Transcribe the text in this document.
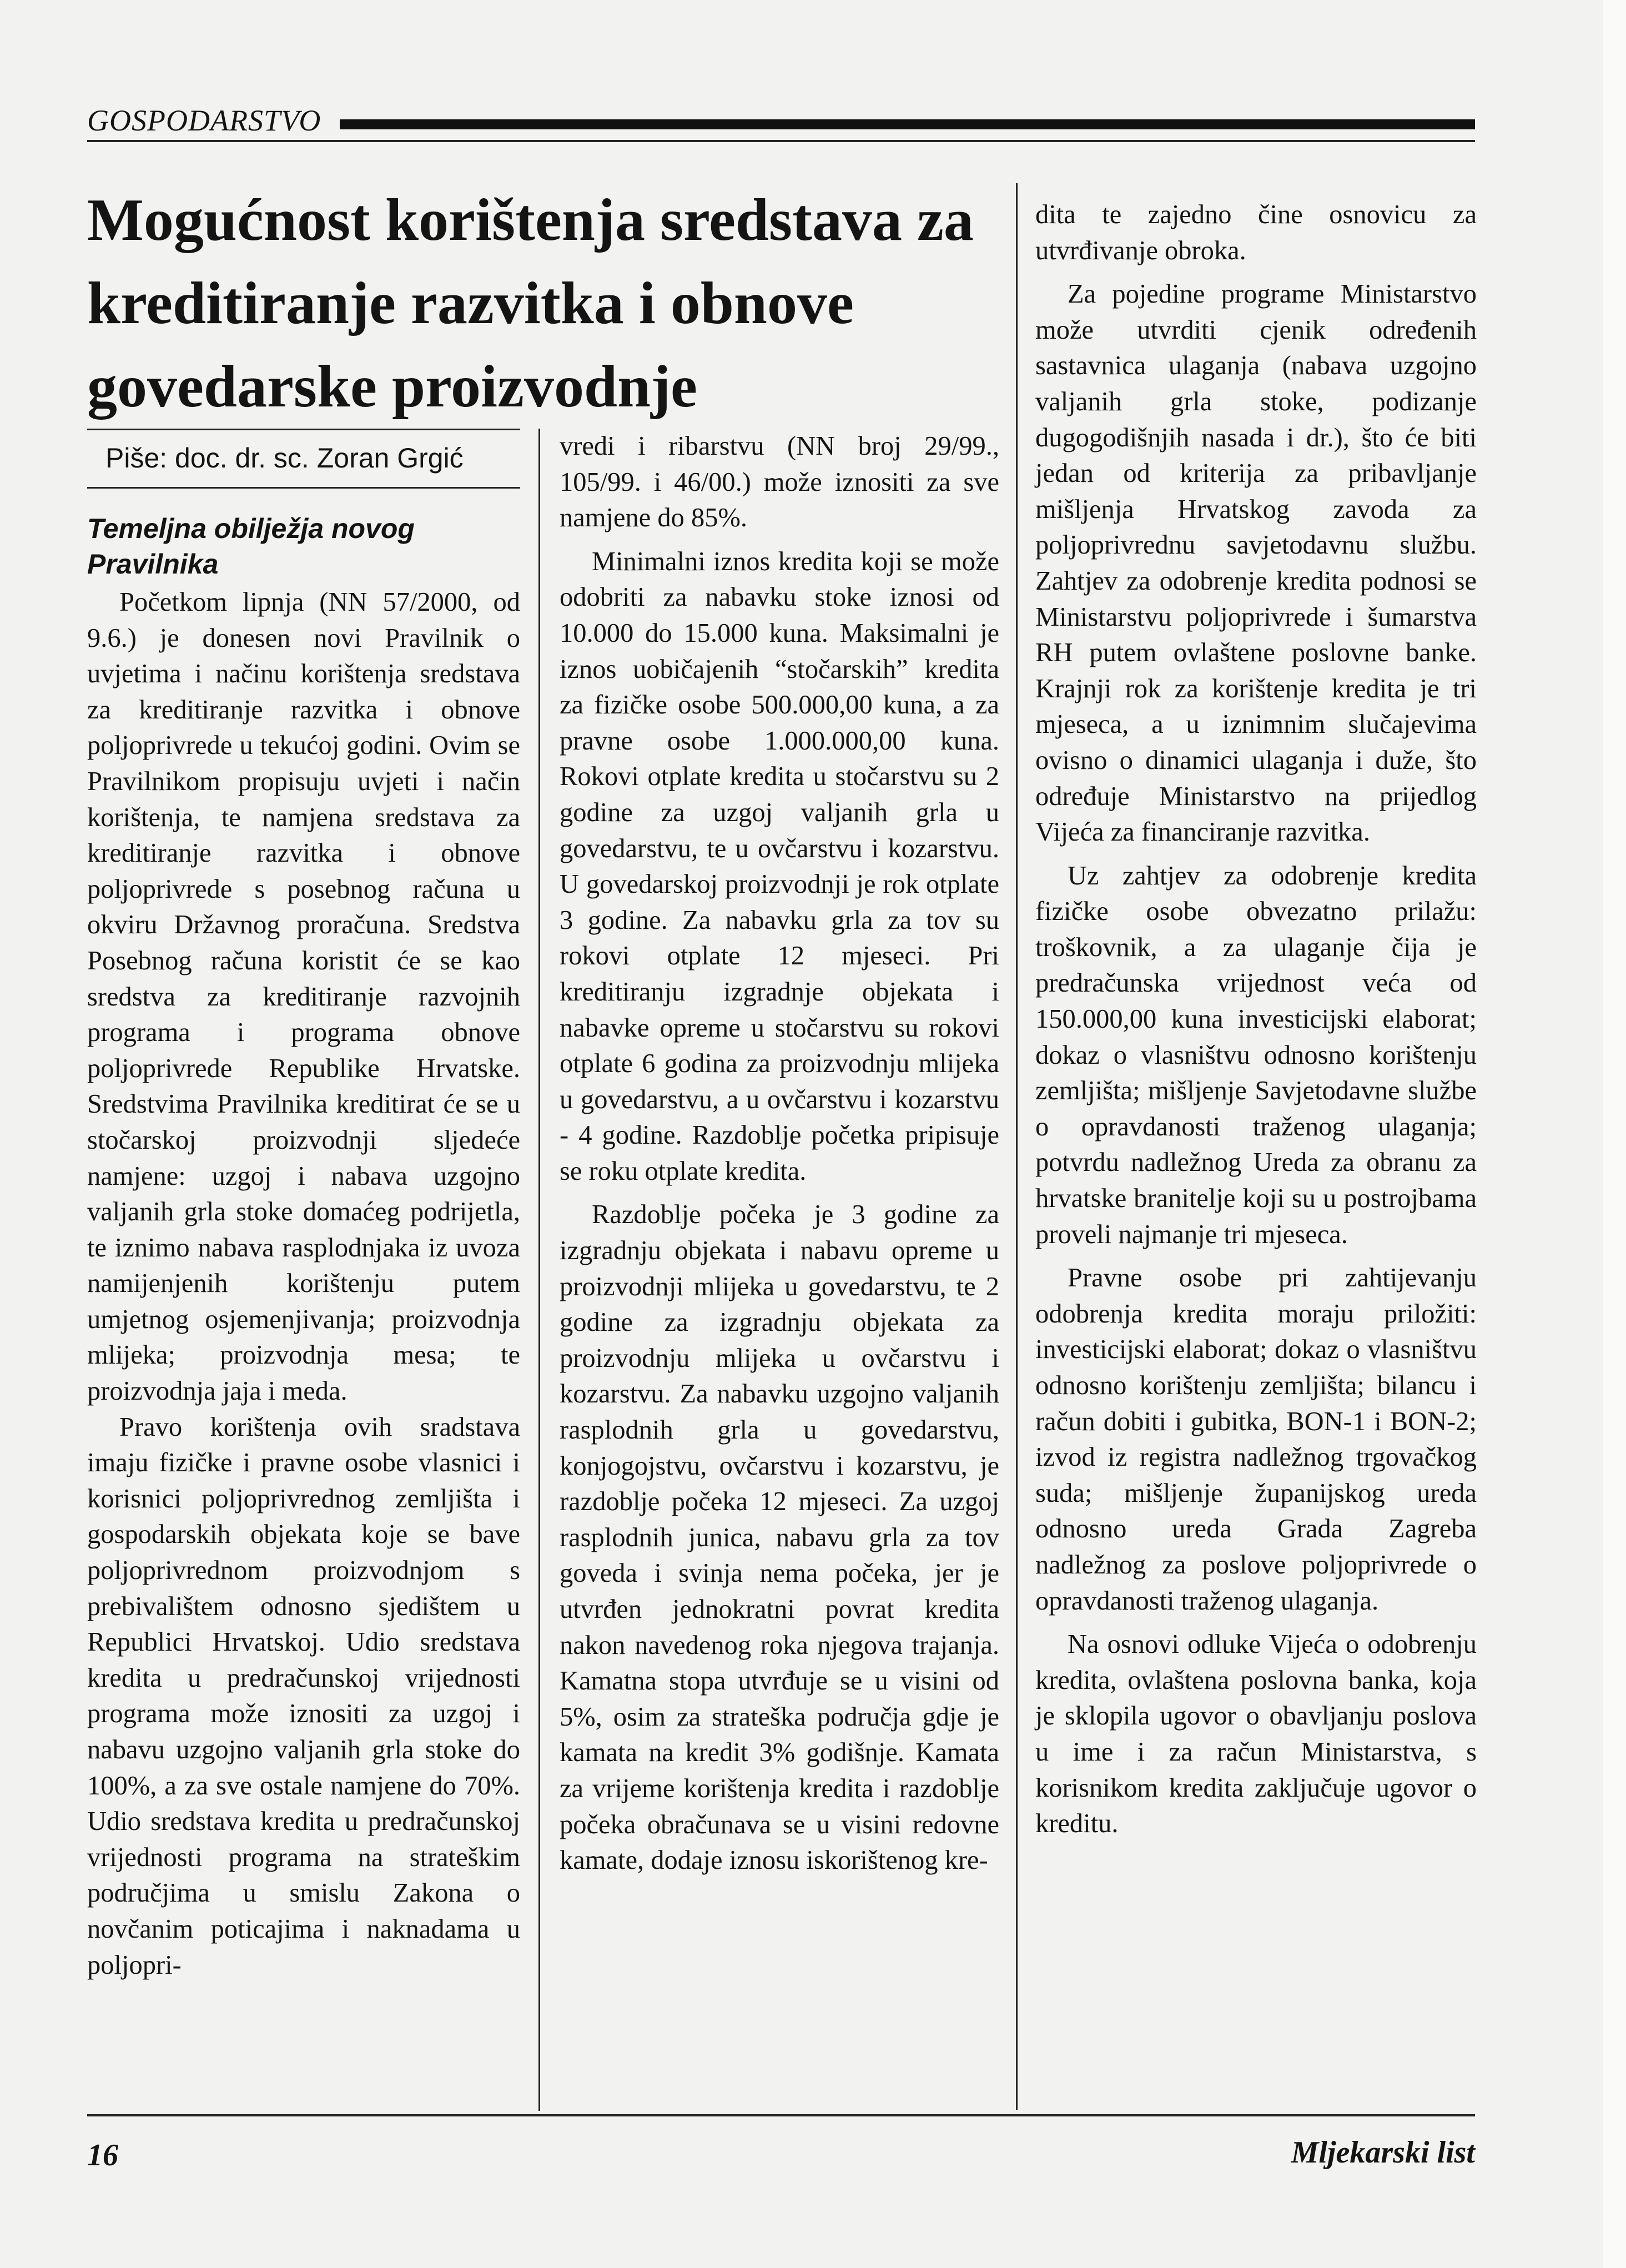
GOSPODARSTVO
Mogućnost korištenja sredstava za kreditiranje razvitka i obnove govedarske proizvodnje
Piše: doc. dr. sc. Zoran Grgić
Temeljna obilježja novog Pravilnika

Početkom lipnja (NN 57/2000, od 9.6.) je donesen novi Pravilnik o uvjetima i načinu korištenja sredstava za kreditiranje razvitka i obnove poljoprivrede u tekućoj godini. Ovim se Pravilnikom propisuju uvjeti i način korištenja, te namjena sredstava za kreditiranje razvitka i obnove poljoprivrede s posebnog računa u okviru Državnog proračuna. Sredstva Posebnog računa koristit će se kao sredstva za kreditiranje razvojnih programa i programa obnove poljoprivrede Republike Hrvatske. Sredstvima Pravilnika kreditirat će se u stočarskoj proizvodnji sljedeće namjene: uzgoj i nabava uzgojno valjanih grla stoke domaćeg podrijetla, te iznimo nabava rasplodnjaka iz uvoza namijenjenih korištenju putem umjetnog osjemenjivanja; proizvodnja mlijeka; proizvodnja mesa; te proizvodnja jaja i meda.

Pravo korištenja ovih sradstava imaju fizičke i pravne osobe vlasnici i korisnici poljoprivrednog zemljišta i gospodarskih objekata koje se bave poljoprivrednom proizvodnjom s prebivalištem odnosno sjedištem u Republici Hrvatskoj. Udio sredstava kredita u predračunskoj vrijednosti programa može iznositi za uzgoj i nabavu uzgojno valjanih grla stoke do 100%, a za sve ostale namjene do 70%. Udio sredstava kredita u predračunskoj vrijednosti programa na strateškim područjima u smislu Zakona o novčanim poticajima i naknadama u poljopri-

vredi i ribarstvu (NN broj 29/99., 105/99. i 46/00.) može iznositi za sve namjene do 85%.

Minimalni iznos kredita koji se može odobriti za nabavku stoke iznosi od 10.000 do 15.000 kuna. Maksimalni je iznos uobičajenih “stočarskih” kredita za fizičke osobe 500.000,00 kuna, a za pravne osobe 1.000.000,00 kuna. Rokovi otplate kredita u stočarstvu su 2 godine za uzgoj valjanih grla u govedarstvu, te u ovčarstvu i kozarstvu. U govedarskoj proizvodnji je rok otplate 3 godine. Za nabavku grla za tov su rokovi otplate 12 mjeseci. Pri kreditiranju izgradnje objekata i nabavke opreme u stočarstvu su rokovi otplate 6 godina za proizvodnju mlijeka u govedarstvu, a u ovčarstvu i kozarstvu - 4 godine. Razdoblje početka pripisuje se roku otplate kredita.

Razdoblje počeka je 3 godine za izgradnju objekata i nabavu opreme u proizvodnji mlijeka u govedarstvu, te 2 godine za izgradnju objekata za proizvodnju mlijeka u ovčarstvu i kozarstvu. Za nabavku uzgojno valjanih rasplodnih grla u govedarstvu, konjogojstvu, ovčarstvu i kozarstvu, je razdoblje počeka 12 mjeseci. Za uzgoj rasplodnih junica, nabavu grla za tov goveda i svinja nema počeka, jer je utvrđen jednokratni povrat kredita nakon navedenog roka njegova trajanja. Kamatna stopa utvrđuje se u visini od 5%, osim za strateška područja gdje je kamata na kredit 3% godišnje. Kamata za vrijeme korištenja kredita i razdoblje počeka obračunava se u visini redovne kamate, dodaje iznosu iskorištenog kre-

dita te zajedno čine osnovicu za utvrđivanje obroka.

Za pojedine programe Ministarstvo može utvrditi cjenik određenih sastavnica ulaganja (nabava uzgojno valjanih grla stoke, podizanje dugogodišnjih nasada i dr.), što će biti jedan od kriterija za pribavljanje mišljenja Hrvatskog zavoda za poljoprivrednu savjetodavnu službu. Zahtjev za odobrenje kredita podnosi se Ministarstvu poljoprivrede i šumarstva RH putem ovlaštene poslovne banke. Krajnji rok za korištenje kredita je tri mjeseca, a u iznimnim slučajevima ovisno o dinamici ulaganja i duže, što određuje Ministarstvo na prijedlog Vijeća za financiranje razvitka.

Uz zahtjev za odobrenje kredita fizičke osobe obvezatno prilažu: troškovnik, a za ulaganje čija je predračunska vrijednost veća od 150.000,00 kuna investicijski elaborat; dokaz o vlasništvu odnosno korištenju zemljišta; mišljenje Savjetodavne službe o opravdanosti traženog ulaganja; potvrdu nadležnog Ureda za obranu za hrvatske branitelje koji su u postrojbama proveli najmanje tri mjeseca.

Pravne osobe pri zahtijevanju odobrenja kredita moraju priložiti: investicijski elaborat; dokaz o vlasništvu odnosno korištenju zemljišta; bilancu i račun dobiti i gubitka, BON-1 i BON-2; izvod iz registra nadležnog trgovačkog suda; mišljenje županijskog ureda odnosno ureda Grada Zagreba nadležnog za poslove poljoprivrede o opravdanosti traženog ulaganja.

Na osnovi odluke Vijeća o odobrenju kredita, ovlaštena poslovna banka, koja je sklopila ugovor o obavljanju poslova u ime i za račun Ministarstva, s korisnikom kredita zaključuje ugovor o kreditu.

16	Mljekarski list
